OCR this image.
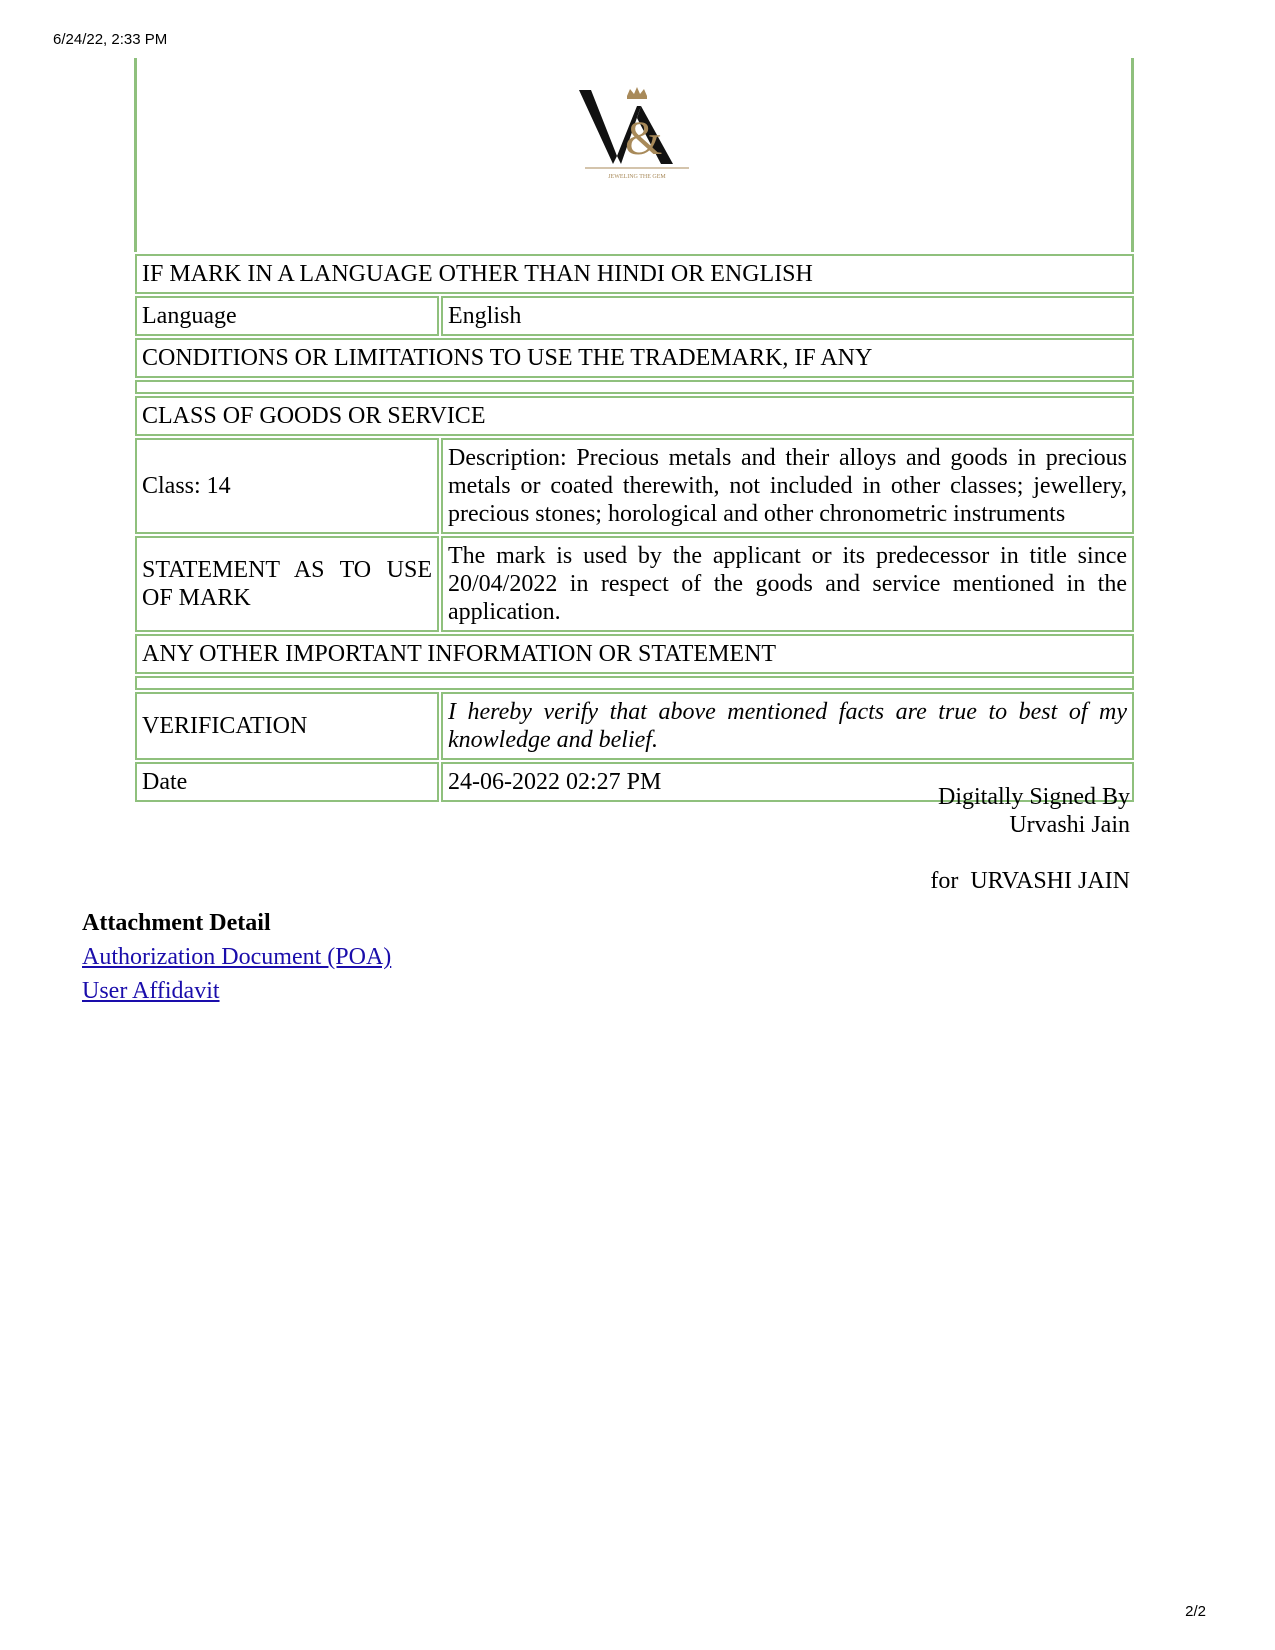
6/24/22, 2:33 PM
&
JEWELING THE GEM
IF MARK IN A LANGUAGE OTHER THAN HINDI OR ENGLISH	
Language	English
CONDITIONS OR LIMITATIONS TO USE THE TRADEMARK, IF ANY	

CLASS OF GOODS OR SERVICE	
Class: 14	Description: Precious metals and their alloys and goods in precious metals or coated therewith, not included in other classes; jewellery, precious stones; horological and other chronometric instruments
STATEMENT AS TO USE OF MARK	The mark is used by the applicant or its predecessor in title since 20/04/2022 in respect of the goods and service mentioned in the application.
ANY OTHER IMPORTANT INFORMATION OR STATEMENT	

VERIFICATION	I hereby verify that above mentioned facts are true to best of my knowledge and belief.
Date	24-06-2022 02:27 PM
Digitally Signed By
Urvashi Jain
for  URVASHI JAIN
Attachment Detail
Authorization Document (POA)
User Affidavit
2/2
